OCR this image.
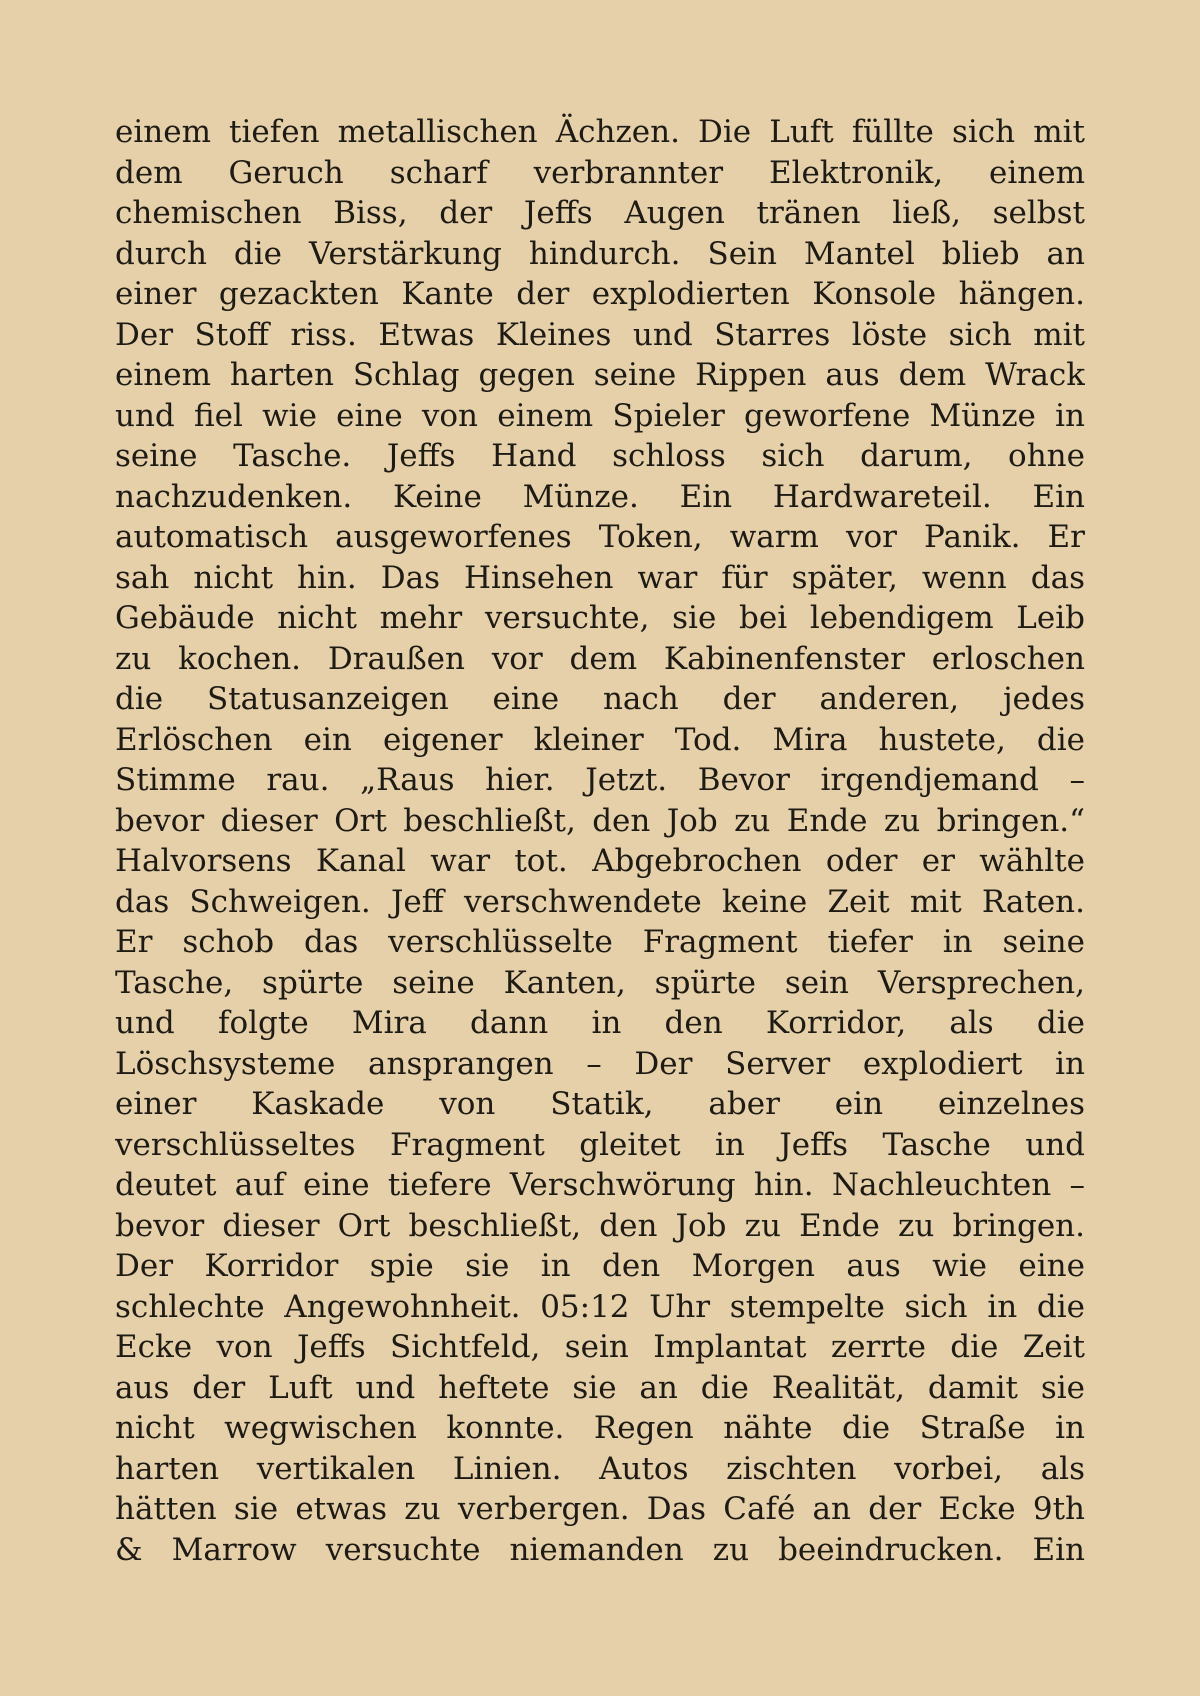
einem tiefen metallischen Ächzen. Die Luft füllte sich mit
dem Geruch scharf verbrannter Elektronik, einem
chemischen Biss, der Jeffs Augen tränen ließ, selbst
durch die Verstärkung hindurch. Sein Mantel blieb an
einer gezackten Kante der explodierten Konsole hängen.
Der Stoff riss. Etwas Kleines und Starres löste sich mit
einem harten Schlag gegen seine Rippen aus dem Wrack
und fiel wie eine von einem Spieler geworfene Münze in
seine Tasche. Jeffs Hand schloss sich darum, ohne
nachzudenken. Keine Münze. Ein Hardwareteil. Ein
automatisch ausgeworfenes Token, warm vor Panik. Er
sah nicht hin. Das Hinsehen war für später, wenn das
Gebäude nicht mehr versuchte, sie bei lebendigem Leib
zu kochen. Draußen vor dem Kabinenfenster erloschen
die Statusanzeigen eine nach der anderen, jedes
Erlöschen ein eigener kleiner Tod. Mira hustete, die
Stimme rau. „Raus hier. Jetzt. Bevor irgendjemand –
bevor dieser Ort beschließt, den Job zu Ende zu bringen.“
Halvorsens Kanal war tot. Abgebrochen oder er wählte
das Schweigen. Jeff verschwendete keine Zeit mit Raten.
Er schob das verschlüsselte Fragment tiefer in seine
Tasche, spürte seine Kanten, spürte sein Versprechen,
und folgte Mira dann in den Korridor, als die
Löschsysteme ansprangen – Der Server explodiert in
einer Kaskade von Statik, aber ein einzelnes
verschlüsseltes Fragment gleitet in Jeffs Tasche und
deutet auf eine tiefere Verschwörung hin. Nachleuchten –
bevor dieser Ort beschließt, den Job zu Ende zu bringen.
Der Korridor spie sie in den Morgen aus wie eine
schlechte Angewohnheit. 05:12 Uhr stempelte sich in die
Ecke von Jeffs Sichtfeld, sein Implantat zerrte die Zeit
aus der Luft und heftete sie an die Realität, damit sie
nicht wegwischen konnte. Regen nähte die Straße in
harten vertikalen Linien. Autos zischten vorbei, als
hätten sie etwas zu verbergen. Das Café an der Ecke 9th
& Marrow versuchte niemanden zu beeindrucken. Ein
